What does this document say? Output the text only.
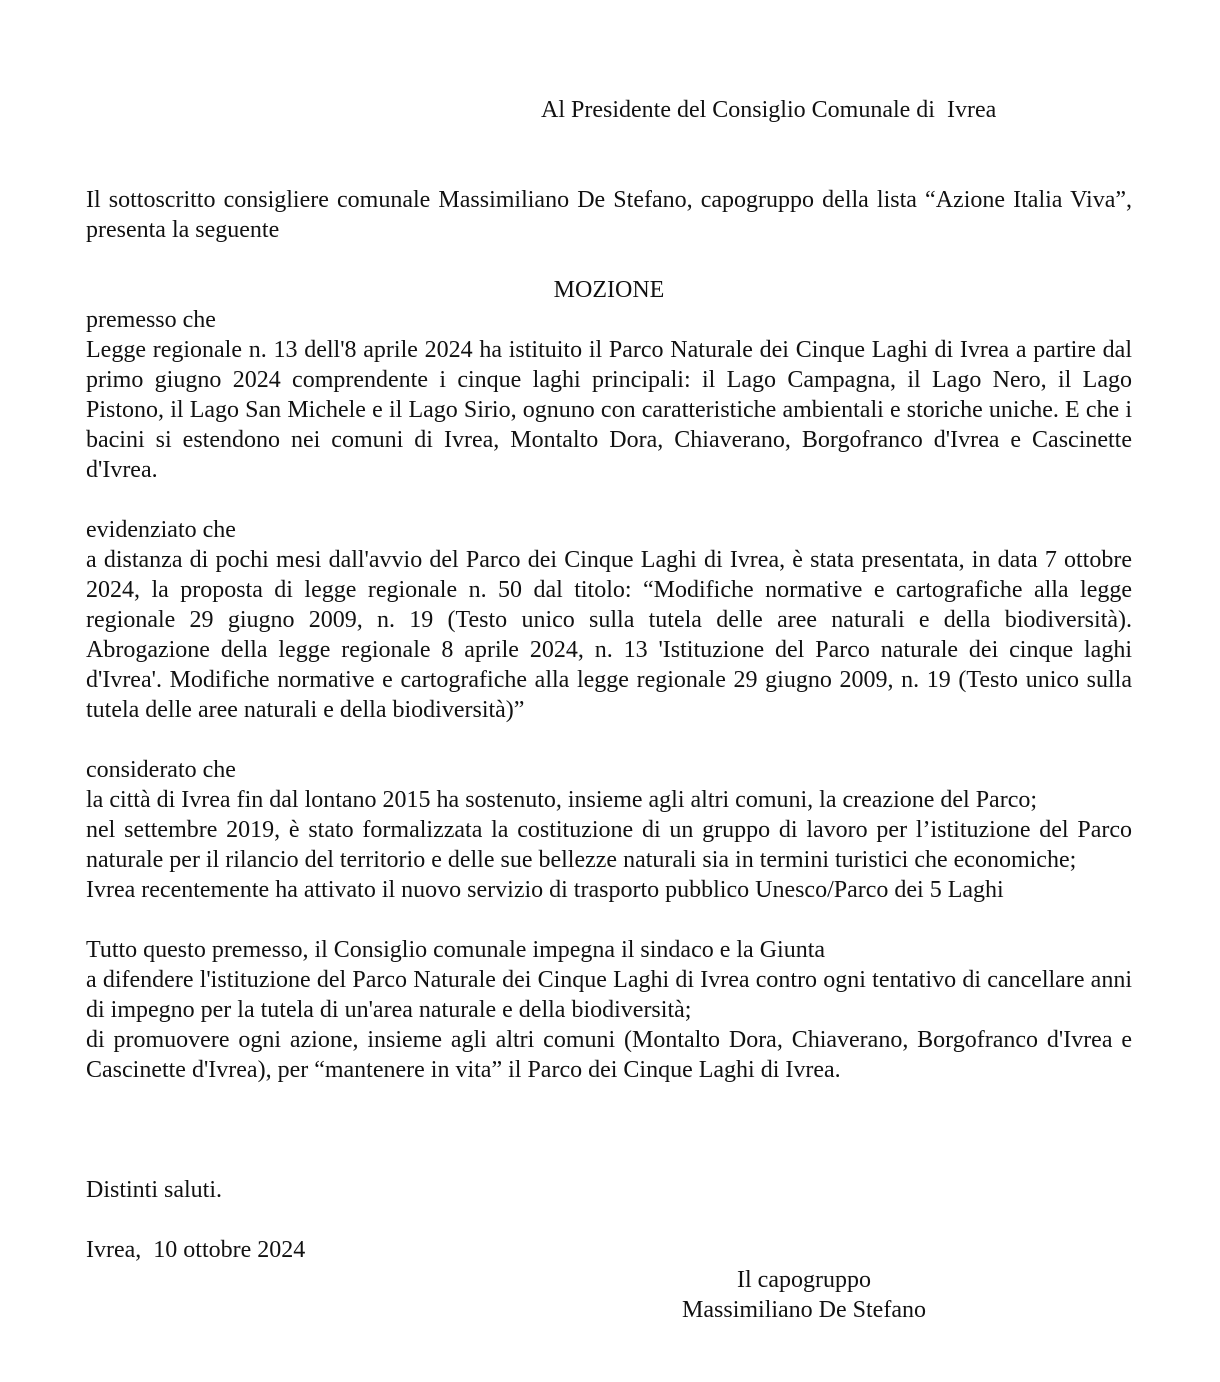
Al Presidente del Consiglio Comunale di  Ivrea

Il sottoscritto consigliere comunale Massimiliano De Stefano, capogruppo della lista “Azione Italia Viva”, presenta la seguente

MOZIONE

premesso che

Legge regionale n. 13 dell'8 aprile 2024 ha istituito il Parco Naturale dei Cinque Laghi di Ivrea a partire dal primo giugno 2024 comprendente i cinque laghi principali: il Lago Campagna, il Lago Nero, il Lago Pistono, il Lago San Michele e il Lago Sirio, ognuno con caratteristiche ambientali e storiche uniche. E che i bacini si estendono nei comuni di Ivrea, Montalto Dora, Chiaverano, Borgofranco d'Ivrea e Cascinette d'Ivrea.

evidenziato che

a distanza di pochi mesi dall'avvio del Parco dei Cinque Laghi di Ivrea, è stata presentata, in data 7 ottobre 2024, la proposta di legge regionale n. 50 dal titolo: “Modifiche normative e cartografiche alla legge regionale 29 giugno 2009, n. 19 (Testo unico sulla tutela delle aree naturali e della biodiversità). Abrogazione della legge regionale 8 aprile 2024, n. 13 'Istituzione del Parco naturale dei cinque laghi d'Ivrea'. Modifiche normative e cartografiche alla legge regionale 29 giugno 2009, n. 19 (Testo unico sulla tutela delle aree naturali e della biodiversità)”

considerato che

la città di Ivrea fin dal lontano 2015 ha sostenuto, insieme agli altri comuni, la creazione del Parco;

nel settembre 2019, è stato formalizzata la costituzione di un gruppo di lavoro per l’istituzione del Parco naturale per il rilancio del territorio e delle sue bellezze naturali sia in termini turistici che economiche;

Ivrea recentemente ha attivato il nuovo servizio di trasporto pubblico Unesco/Parco dei 5 Laghi

Tutto questo premesso, il Consiglio comunale impegna il sindaco e la Giunta

a difendere l'istituzione del Parco Naturale dei Cinque Laghi di Ivrea contro ogni tentativo di cancellare anni di impegno per la tutela di un'area naturale e della biodiversità;

di promuovere ogni azione, insieme agli altri comuni (Montalto Dora, Chiaverano, Borgofranco d'Ivrea e Cascinette d'Ivrea), per “mantenere in vita” il Parco dei Cinque Laghi di Ivrea.

Distinti saluti.
Ivrea,  10 ottobre 2024
Il capogruppo
Massimiliano De Stefano
